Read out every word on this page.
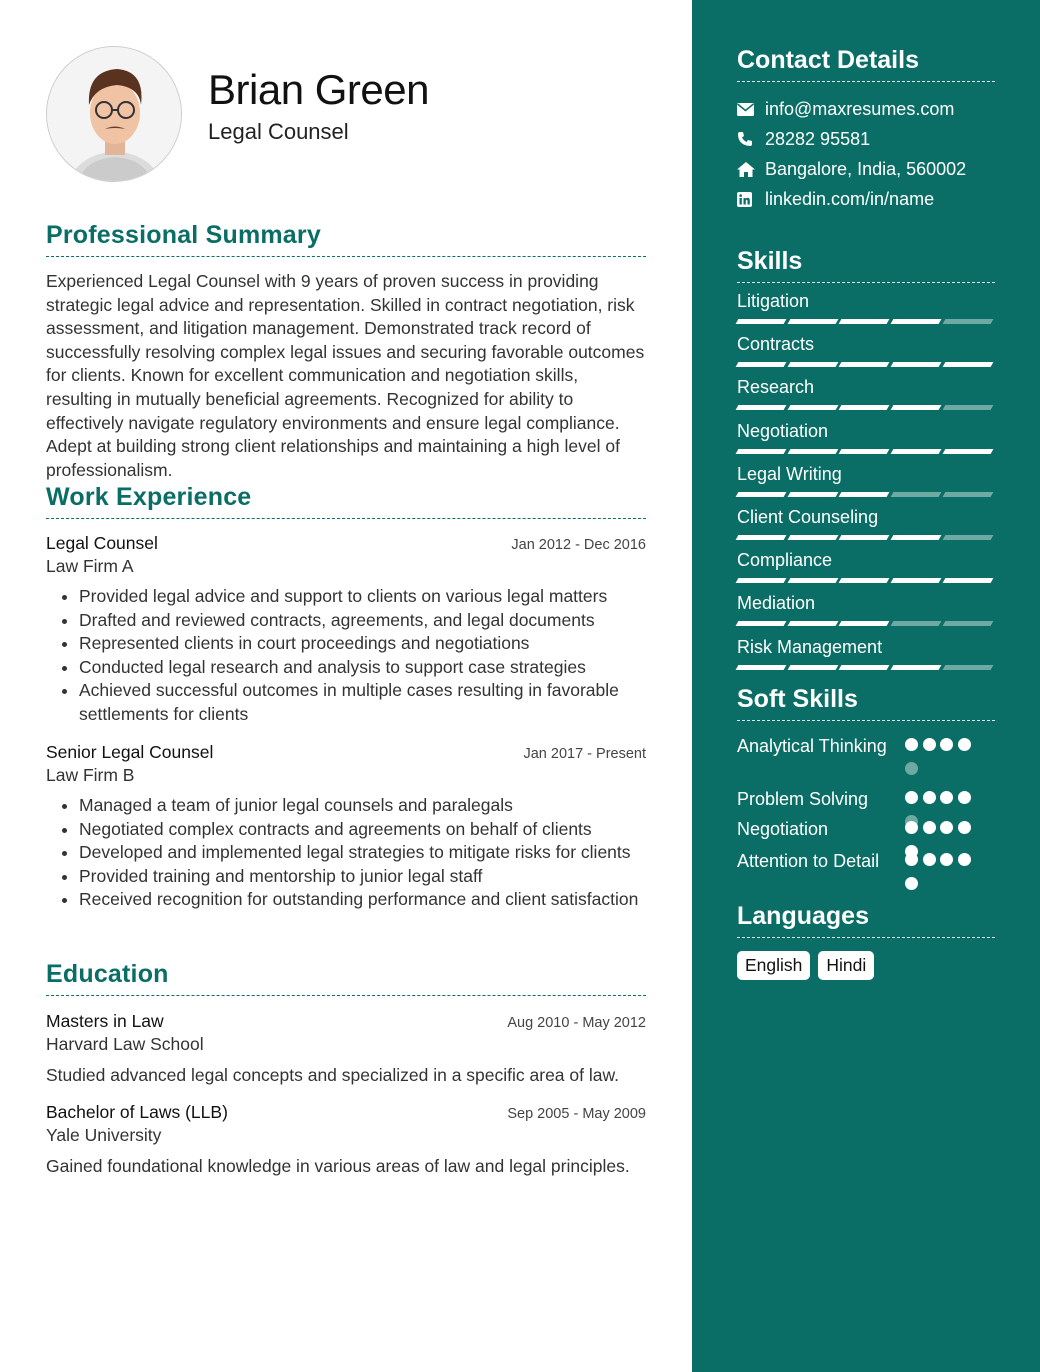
Brian Green
Legal Counsel
Professional Summary

Experienced Legal Counsel with 9 years of proven success in providing strategic legal advice and representation. Skilled in contract negotiation, risk assessment, and litigation management. Demonstrated track record of successfully resolving complex legal issues and securing favorable outcomes for clients. Known for excellent communication and negotiation skills, resulting in mutually beneficial agreements. Recognized for ability to effectively navigate regulatory environments and ensure legal compliance. Adept at building strong client relationships and maintaining a high level of professionalism.

Work Experience
Legal Counsel	Jan 2012 - Dec 2016
Law Firm A
• Provided legal advice and support to clients on various legal matters
• Drafted and reviewed contracts, agreements, and legal documents
• Represented clients in court proceedings and negotiations
• Conducted legal research and analysis to support case strategies
• Achieved successful outcomes in multiple cases resulting in favorable settlements for clients
Senior Legal Counsel	Jan 2017 - Present
Law Firm B
• Managed a team of junior legal counsels and paralegals
• Negotiated complex contracts and agreements on behalf of clients
• Developed and implemented legal strategies to mitigate risks for clients
• Provided training and mentorship to junior legal staff
• Received recognition for outstanding performance and client satisfaction
Education
Masters in Law	Aug 2010 - May 2012
Harvard Law School

Studied advanced legal concepts and specialized in a specific area of law.

Bachelor of Laws (LLB)	Sep 2005 - May 2009
Yale University

Gained foundational knowledge in various areas of law and legal principles.

Contact Details
info@maxresumes.com
28282 95581
Bangalore, India, 560002
linkedin.com/in/name
Skills
Litigation
Contracts
Research
Negotiation
Legal Writing
Client Counseling
Compliance
Mediation
Risk Management
Soft Skills
Analytical Thinking
Problem Solving
Negotiation
Attention to Detail
Languages
English	Hindi
